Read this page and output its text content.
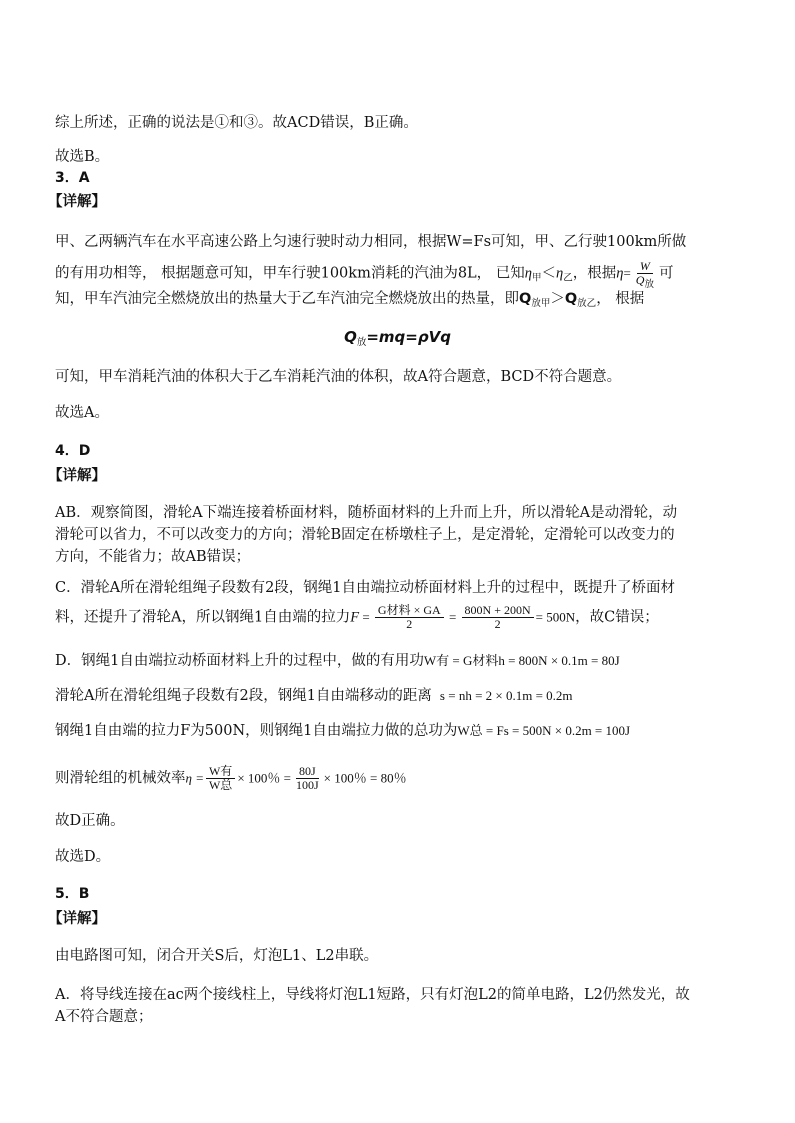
综上所述，正确的说法是①和③。故ACD错误，B正确。
故选B。
3．A
【详解】
甲、乙两辆汽车在水平高速公路上匀速行驶时动力相同，根据W=Fs可知，甲、乙行驶100km所做
的有用功相等， 根据题意可知，甲车行驶100km消耗的汽油为8L， 已知$\eta_甲<\eta_乙$，根据$\eta= \frac{W}{Q_放}$ 可
知，甲车汽油完全燃烧放出的热量大于乙车汽油完全燃烧放出的热量，即$Q_{放甲}>Q_{放乙}$， 根据
$Q_放=mq=\rho Vq$
可知，甲车消耗汽油的体积大于乙车消耗汽油的体积，故A符合题意，BCD不符合题意。
故选A。
4．D
【详解】
AB．观察简图，滑轮A下端连接着桥面材料，随桥面材料的上升而上升，所以滑轮A是动滑轮，动
滑轮可以省力，不可以改变力的方向；滑轮B固定在桥墩柱子上，是定滑轮，定滑轮可以改变力的
方向，不能省力；故AB错误；
C．滑轮A所在滑轮组绳子段数有2段，钢绳1自由端拉动桥面材料上升的过程中，既提升了桥面材
料，还提升了滑轮A，所以钢绳1自由端的拉力$F = \frac{\text{G材料 × GA}}{2} = \frac{800N + 200N}{2} = 500N$，故C错误；
D．钢绳1自由端拉动桥面材料上升的过程中，做的有用功W有 = G材料h = 800N × 0.1m = 80J
滑轮A所在滑轮组绳子段数有2段，钢绳1自由端移动的距离 s = nh = 2 × 0.1m = 0.2m
钢绳1自由端的拉力F为500N，则钢绳1自由端拉力做的总功为W总 = Fs = 500N × 0.2m = 100J
则滑轮组的机械效率$\eta = \frac{\text{W有}}{\text{W总}} \times 100$％ = $\frac{80J}{100J} \times 100$％ = 80％
故D正确。
故选D。
5．B
【详解】
由电路图可知，闭合开关S后，灯泡L1、L2串联。
A．将导线连接在ac两个接线柱上，导线将灯泡L1短路，只有灯泡L2的简单电路，L2仍然发光，故
A不符合题意；
